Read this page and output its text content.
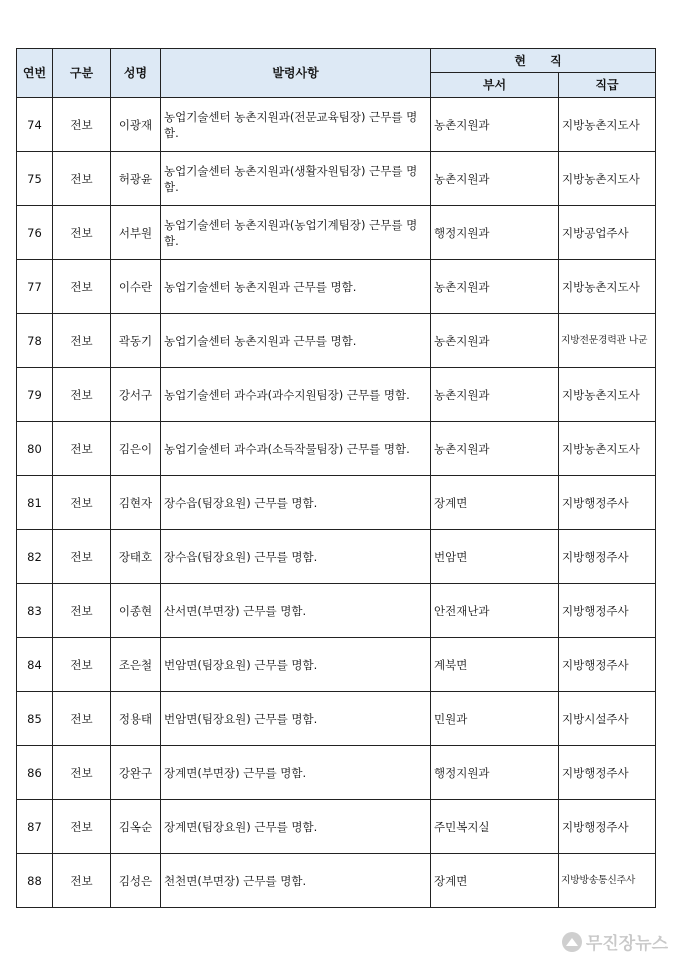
연번	구분	성명	발령사항	현 직	
				부서	직급
74	전보	이광재	농업기술센터 농촌지원과(전문교육팀장) 근무를 명함.	농촌지원과	지방농촌지도사
75	전보	허광윤	농업기술센터 농촌지원과(생활자원팀장) 근무를 명함.	농촌지원과	지방농촌지도사
76	전보	서부원	농업기술센터 농촌지원과(농업기계팀장) 근무를 명함.	행정지원과	지방공업주사
77	전보	이수란	농업기술센터 농촌지원과 근무를 명함.	농촌지원과	지방농촌지도사
78	전보	곽동기	농업기술센터 농촌지원과 근무를 명함.	농촌지원과	지방전문경력관 나군
79	전보	강서구	농업기술센터 과수과(과수지원팀장) 근무를 명함.	농촌지원과	지방농촌지도사
80	전보	김은이	농업기술센터 과수과(소득작물팀장) 근무를 명함.	농촌지원과	지방농촌지도사
81	전보	김현자	장수읍(팀장요원) 근무를 명함.	장계면	지방행정주사
82	전보	장태호	장수읍(팀장요원) 근무를 명함.	번암면	지방행정주사
83	전보	이종현	산서면(부면장) 근무를 명함.	안전재난과	지방행정주사
84	전보	조은철	번암면(팀장요원) 근무를 명함.	계북면	지방행정주사
85	전보	정용태	번암면(팀장요원) 근무를 명함.	민원과	지방시설주사
86	전보	강완구	장계면(부면장) 근무를 명함.	행정지원과	지방행정주사
87	전보	김옥순	장계면(팀장요원) 근무를 명함.	주민복지실	지방행정주사
88	전보	김성은	천천면(부면장) 근무를 명함.	장계면	지방방송통신주사
무진장뉴스
